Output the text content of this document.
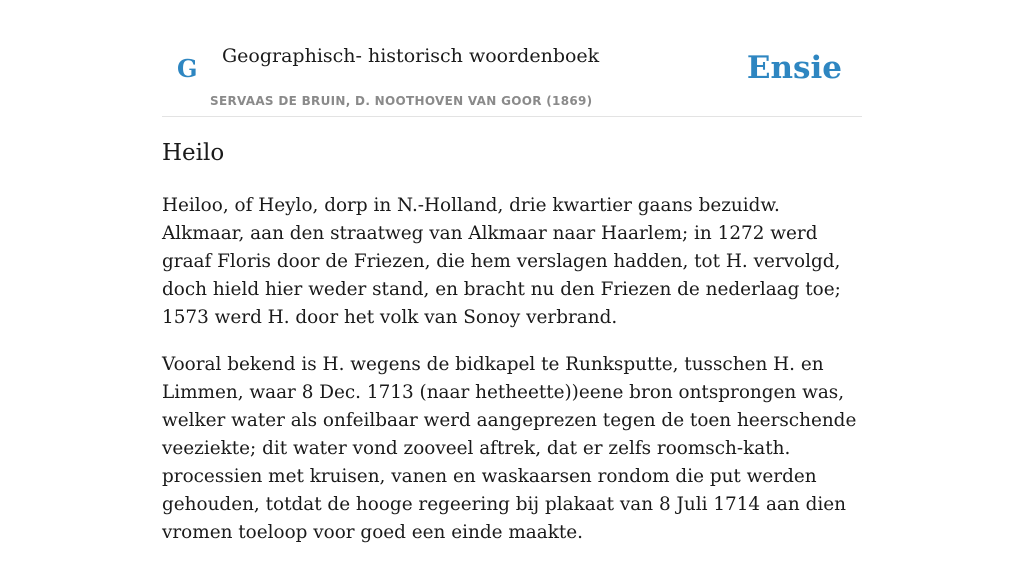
G Geographisch- historisch woordenboek
SERVAAS DE BRUIN, D. NOOTHOVEN VAN GOOR (1869)
Ensie
Heilo

Heiloo, of Heylo, dorp in N.-Holland, drie kwartier gaans bezuidw. Alkmaar, aan den straatweg van Alkmaar naar Haarlem; in 1272 werd graaf Floris door de Friezen, die hem verslagen hadden, tot H. vervolgd, doch hield hier weder stand, en bracht nu den Friezen de nederlaag toe; 1573 werd H. door het volk van Sonoy verbrand.

Vooral bekend is H. wegens de bidkapel te Runksputte, tusschen H. en Limmen, waar 8 Dec. 1713 (naar hetheette))eene bron ontsprongen was, welker water als onfeilbaar werd aangeprezen tegen de toen heerschende veeziekte; dit water vond zooveel aftrek, dat er zelfs roomsch-kath. processien met kruisen, vanen en waskaarsen rondom die put werden gehouden, totdat de hooge regeering bij plakaat van 8 Juli 1714 aan dien vromen toeloop voor goed een einde maakte.
